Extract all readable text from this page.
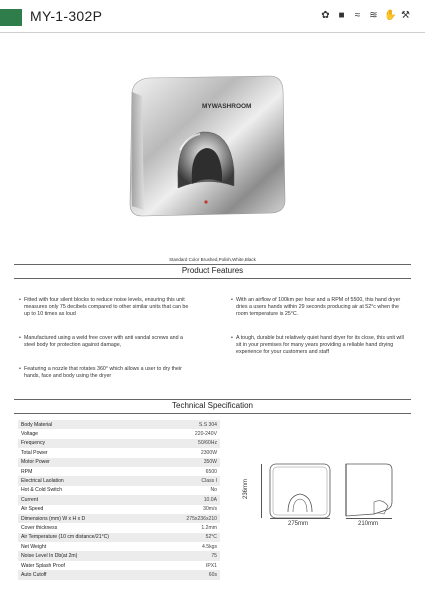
MY-1-302P	✿ ■ ≈ ≋ ✋ ⚒
MYWASHROOM
Standard Color Brushed,Polish,White,Black
Product Features
• Fitted with four silent blocks to reduce noise levels, ensuring this unit measures only 75 decibels compared to other similar units that can be up to 10 times as loud
• Manufactured using a weld free cover with anti vandal screws and a steel body for protection against damage,
• Featuring a nozzle that rotates 360° which allows a user to dry their hands, face and body using the dryer
• With an airflow of 100km per hour and a RPM of 5500, this hand dryer dries a users hands within 29 seconds producing air at 52°c when the room temperature is 25°C.
• A tough, durable but relatively quiet hand dryer for its close, this unit will sit in your premises for many years providing a reliable hand drying experience for your customers and staff
Technical Specification
Body Material	S.S 304
Voltage	220-240V
Frequency	50/60Hz
Total Power	2300W
Motor Power	350W
RPM	6500
Electrical Laolation	Class I
Hot & Cold Switch	No
Current	10.0A
Air Speed	30m/s
Dimensions (mm) W x H x D	275x236x210
Cover thickness	1.2mm
Air Temperature (10 cm distance/21°C)	52°C
Net Weight	4.5kgs
Noise Level In Db(at 2m)	75
Water Splash Proof	IPX1
Auto Cutoff	60s
236mm
275mm	210mm
